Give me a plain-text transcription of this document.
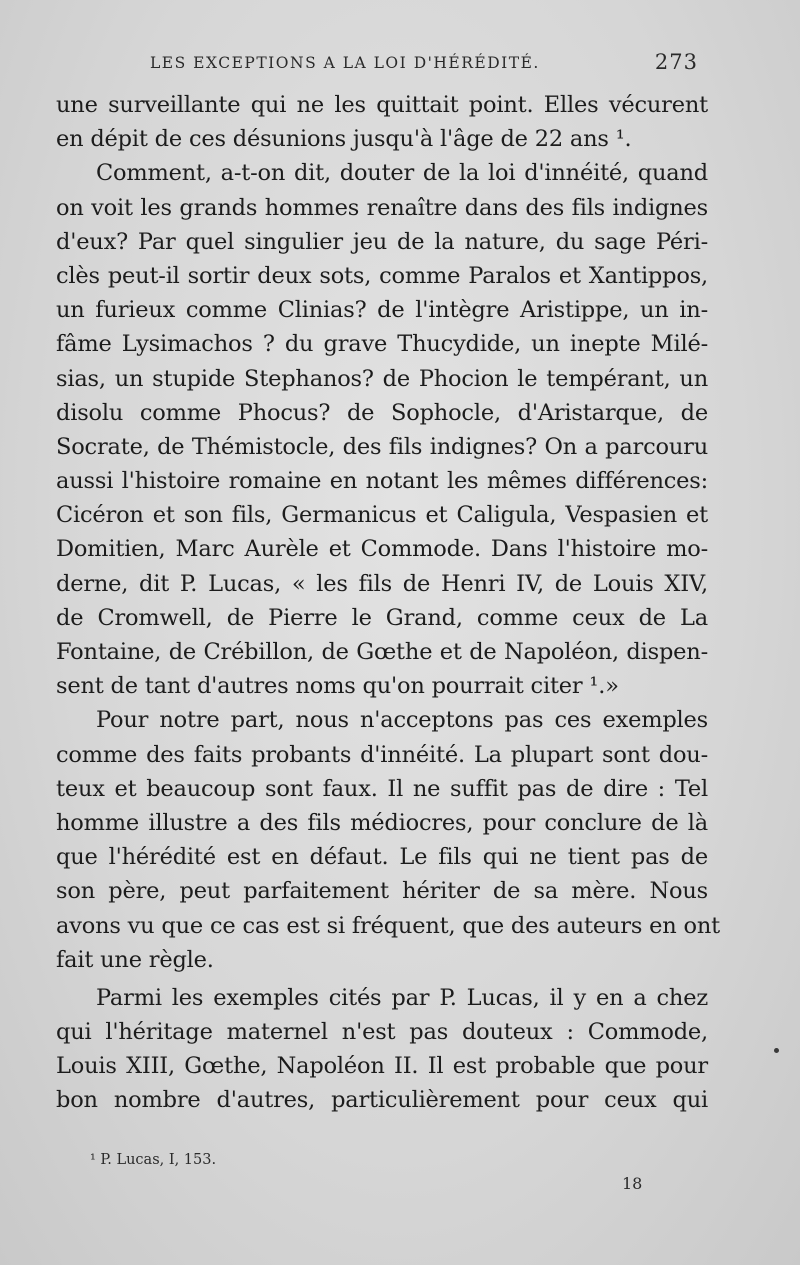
LES EXCEPTIONS A LA LOI D'HÉRÉDITÉ.	273
une surveillante qui ne les quittait point. Elles vécurent
en dépit de ces désunions jusqu'à l'âge de 22 ans ¹.
Comment, a-t-on dit, douter de la loi d'innéité, quand
on voit les grands hommes renaître dans des fils indignes
d'eux? Par quel singulier jeu de la nature, du sage Péri-
clès peut-il sortir deux sots, comme Paralos et Xantippos,
un furieux comme Clinias? de l'intègre Aristippe, un in-
fâme Lysimachos ? du grave Thucydide, un inepte Milé-
sias, un stupide Stephanos? de Phocion le tempérant, un
disolu comme Phocus? de Sophocle, d'Aristarque, de
Socrate, de Thémistocle, des fils indignes? On a parcouru
aussi l'histoire romaine en notant les mêmes différences:
Cicéron et son fils, Germanicus et Caligula, Vespasien et
Domitien, Marc Aurèle et Commode. Dans l'histoire mo-
derne, dit P. Lucas, « les fils de Henri IV, de Louis XIV,
de Cromwell, de Pierre le Grand, comme ceux de La
Fontaine, de Crébillon, de Gœthe et de Napoléon, dispen-
sent de tant d'autres noms qu'on pourrait citer ¹.»
Pour notre part, nous n'acceptons pas ces exemples
comme des faits probants d'innéité. La plupart sont dou-
teux et beaucoup sont faux. Il ne suffit pas de dire : Tel
homme illustre a des fils médiocres, pour conclure de là
que l'hérédité est en défaut. Le fils qui ne tient pas de
son père, peut parfaitement hériter de sa mère. Nous
avons vu que ce cas est si fréquent, que des auteurs en ont
fait une règle.
Parmi les exemples cités par P. Lucas, il y en a chez
qui l'héritage maternel n'est pas douteux : Commode,
Louis XIII, Gœthe, Napoléon II. Il est probable que pour
bon nombre d'autres, particulièrement pour ceux qui
¹ P. Lucas, I, 153.
18
